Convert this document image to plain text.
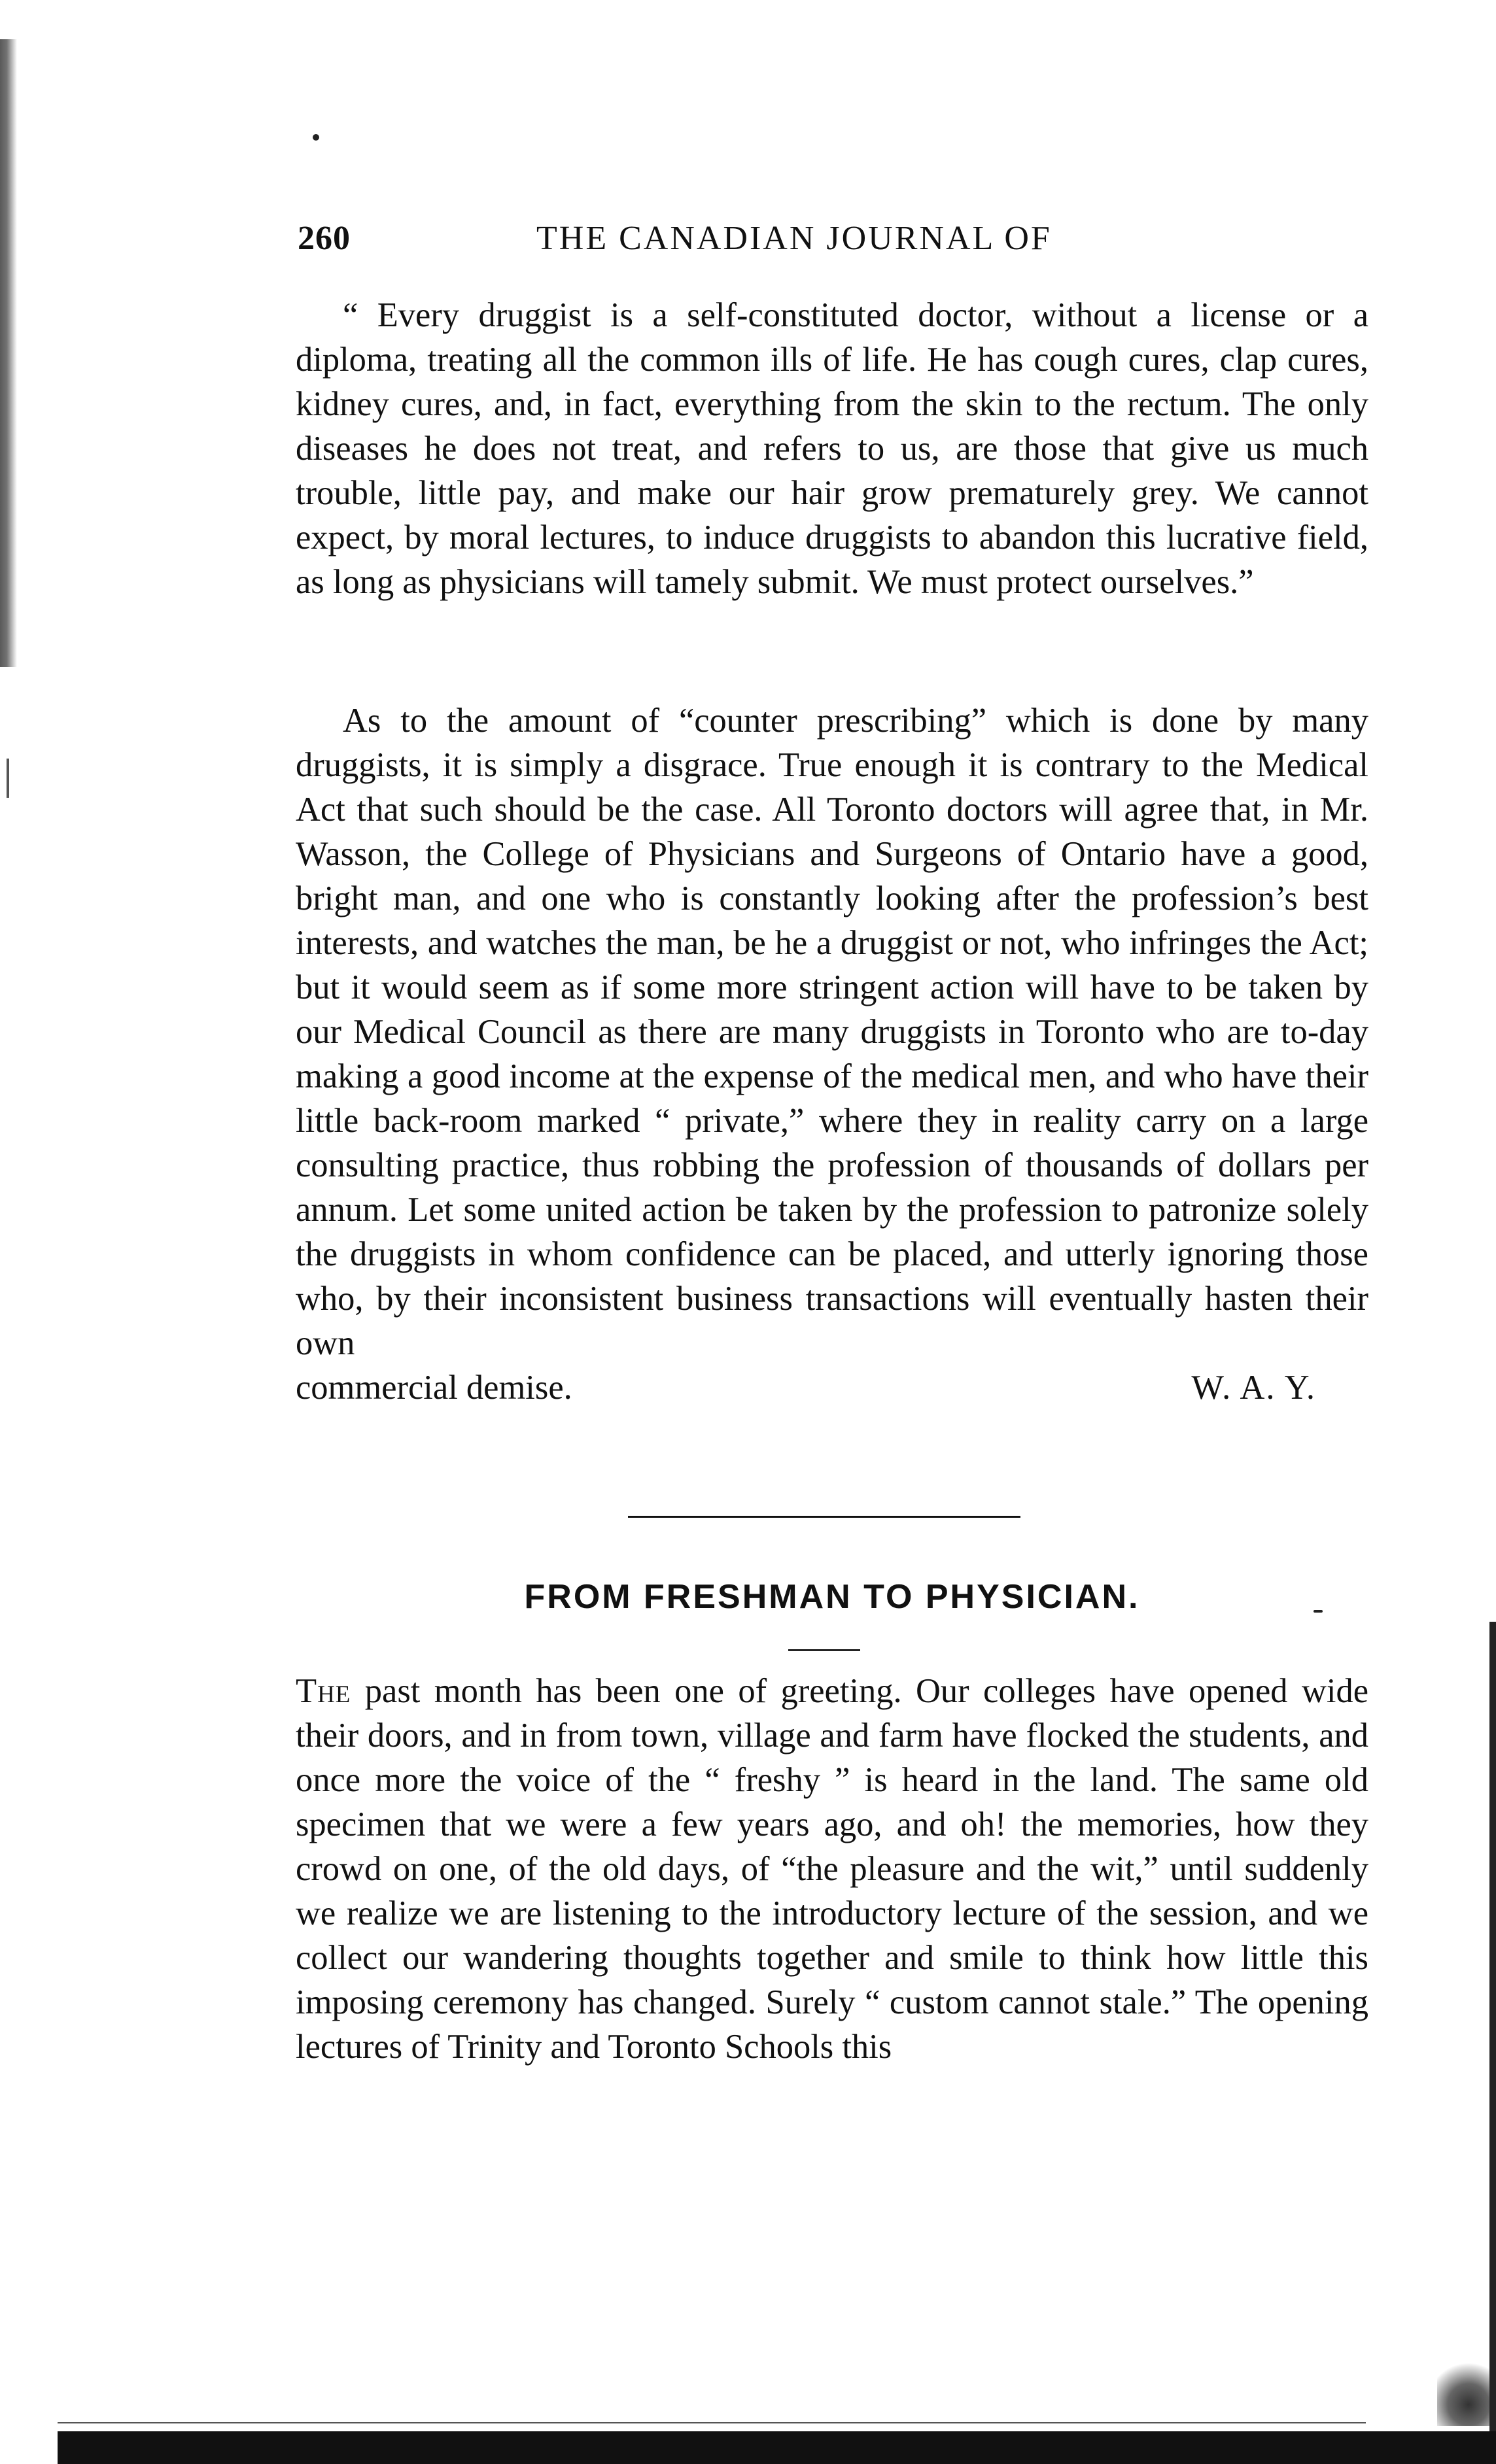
260	THE CANADIAN JOURNAL OF

“ Every druggist is a self-constituted doctor, without a license or a diploma, treating all the common ills of life. He has cough cures, clap cures, kidney cures, and, in fact, everything from the skin to the rectum. The only diseases he does not treat, and refers to us, are those that give us much trouble, little pay, and make our hair grow prematurely grey. We cannot expect, by moral lectures, to induce druggists to abandon this lucrative field, as long as physicians will tamely submit. We must protect ourselves.”

As to the amount of “counter prescribing” which is done by many druggists, it is simply a disgrace. True enough it is contrary to the Medical Act that such should be the case. All Toronto doctors will agree that, in Mr. Wasson, the College of Physicians and Surgeons of Ontario have a good, bright man, and one who is constantly looking after the profession’s best interests, and watches the man, be he a druggist or not, who infringes the Act; but it would seem as if some more stringent action will have to be taken by our Medical Council as there are many druggists in Toronto who are to-day making a good income at the expense of the medical men, and who have their little back-room marked “ private,” where they in reality carry on a large consulting practice, thus robbing the profession of thousands of dollars per annum. Let some united action be taken by the profession to patronize solely the druggists in whom confidence can be placed, and utterly ignoring those who, by their inconsistent business transactions will eventually hasten their own

commercial demise.	W. A. Y.
FROM FRESHMAN TO PHYSICIAN.

The past month has been one of greeting. Our colleges have opened wide their doors, and in from town, village and farm have flocked the students, and once more the voice of the “ freshy ” is heard in the land. The same old specimen that we were a few years ago, and oh! the memories, how they crowd on one, of the old days, of “the pleasure and the wit,” until suddenly we realize we are listening to the introductory lecture of the session, and we collect our wandering thoughts together and smile to think how little this imposing ceremony has changed. Surely “ custom cannot stale.” The opening lectures of Trinity and Toronto Schools this
